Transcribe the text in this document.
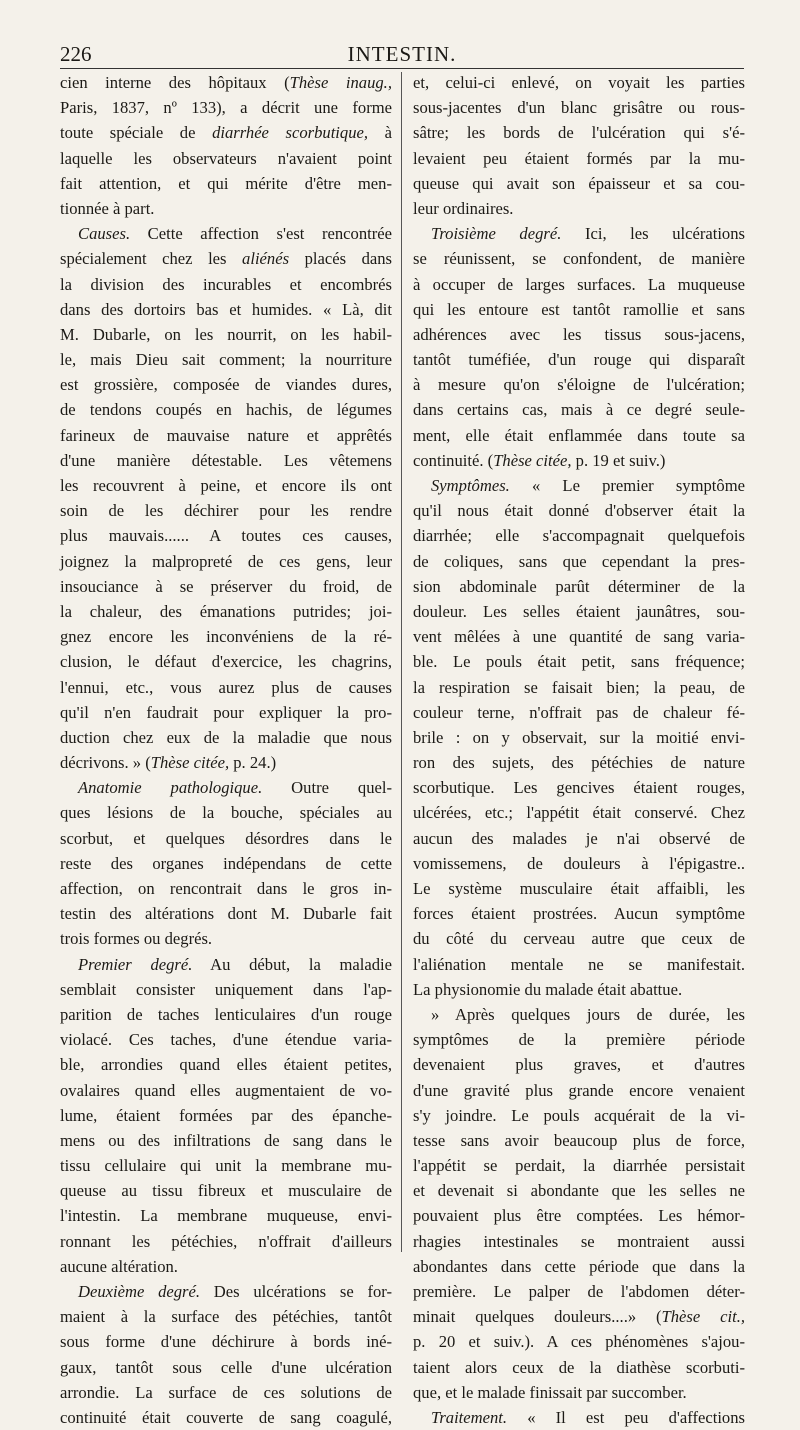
226	INTESTIN.
cien interne des hôpitaux (Thèse inaug.,
Paris, 1837, nº 133), a décrit une forme
toute spéciale de diarrhée scorbutique, à
laquelle les observateurs n'avaient point
fait attention, et qui mérite d'être men-
tionnée à part.
Causes. Cette affection s'est rencontrée
spécialement chez les aliénés placés dans
la division des incurables et encombrés
dans des dortoirs bas et humides. « Là, dit
M. Dubarle, on les nourrit, on les habil-
le, mais Dieu sait comment; la nourriture
est grossière, composée de viandes dures,
de tendons coupés en hachis, de légumes
farineux de mauvaise nature et apprêtés
d'une manière détestable. Les vêtemens
les recouvrent à peine, et encore ils ont
soin de les déchirer pour les rendre
plus mauvais...... A toutes ces causes,
joignez la malpropreté de ces gens, leur
insouciance à se préserver du froid, de
la chaleur, des émanations putrides; joi-
gnez encore les inconvéniens de la ré-
clusion, le défaut d'exercice, les chagrins,
l'ennui, etc., vous aurez plus de causes
qu'il n'en faudrait pour expliquer la pro-
duction chez eux de la maladie que nous
décrivons. » (Thèse citée, p. 24.)
Anatomie pathologique. Outre quel-
ques lésions de la bouche, spéciales au
scorbut, et quelques désordres dans le
reste des organes indépendans de cette
affection, on rencontrait dans le gros in-
testin des altérations dont M. Dubarle fait
trois formes ou degrés.
Premier degré. Au début, la maladie
semblait consister uniquement dans l'ap-
parition de taches lenticulaires d'un rouge
violacé. Ces taches, d'une étendue varia-
ble, arrondies quand elles étaient petites,
ovalaires quand elles augmentaient de vo-
lume, étaient formées par des épanche-
mens ou des infiltrations de sang dans le
tissu cellulaire qui unit la membrane mu-
queuse au tissu fibreux et musculaire de
l'intestin. La membrane muqueuse, envi-
ronnant les pétéchies, n'offrait d'ailleurs
aucune altération.
Deuxième degré. Des ulcérations se for-
maient à la surface des pétéchies, tantôt
sous forme d'une déchirure à bords iné-
gaux, tantôt sous celle d'une ulcération
arrondie. La surface de ces solutions de
continuité était couverte de sang coagulé,
et, celui-ci enlevé, on voyait les parties
sous-jacentes d'un blanc grisâtre ou rous-
sâtre; les bords de l'ulcération qui s'é-
levaient peu étaient formés par la mu-
queuse qui avait son épaisseur et sa cou-
leur ordinaires.
Troisième degré. Ici, les ulcérations
se réunissent, se confondent, de manière
à occuper de larges surfaces. La muqueuse
qui les entoure est tantôt ramollie et sans
adhérences avec les tissus sous-jacens,
tantôt tuméfiée, d'un rouge qui disparaît
à mesure qu'on s'éloigne de l'ulcération;
dans certains cas, mais à ce degré seule-
ment, elle était enflammée dans toute sa
continuité. (Thèse citée, p. 19 et suiv.)
Symptômes. « Le premier symptôme
qu'il nous était donné d'observer était la
diarrhée; elle s'accompagnait quelquefois
de coliques, sans que cependant la pres-
sion abdominale parût déterminer de la
douleur. Les selles étaient jaunâtres, sou-
vent mêlées à une quantité de sang varia-
ble. Le pouls était petit, sans fréquence;
la respiration se faisait bien; la peau, de
couleur terne, n'offrait pas de chaleur fé-
brile : on y observait, sur la moitié envi-
ron des sujets, des pétéchies de nature
scorbutique. Les gencives étaient rouges,
ulcérées, etc.; l'appétit était conservé. Chez
aucun des malades je n'ai observé de
vomissemens, de douleurs à l'épigastre..
Le système musculaire était affaibli, les
forces étaient prostrées. Aucun symptôme
du côté du cerveau autre que ceux de
l'aliénation mentale ne se manifestait.
La physionomie du malade était abattue.
» Après quelques jours de durée, les
symptômes de la première période
devenaient plus graves, et d'autres
d'une gravité plus grande encore venaient
s'y joindre. Le pouls acquérait de la vi-
tesse sans avoir beaucoup plus de force,
l'appétit se perdait, la diarrhée persistait
et devenait si abondante que les selles ne
pouvaient plus être comptées. Les hémor-
rhagies intestinales se montraient aussi
abondantes dans cette période que dans la
première. Le palper de l'abdomen déter-
minait quelques douleurs....» (Thèse cit.,
p. 20 et suiv.). A ces phénomènes s'ajou-
taient alors ceux de la diathèse scorbuti-
que, et le malade finissait par succomber.
Traitement. « Il est peu d'affections
